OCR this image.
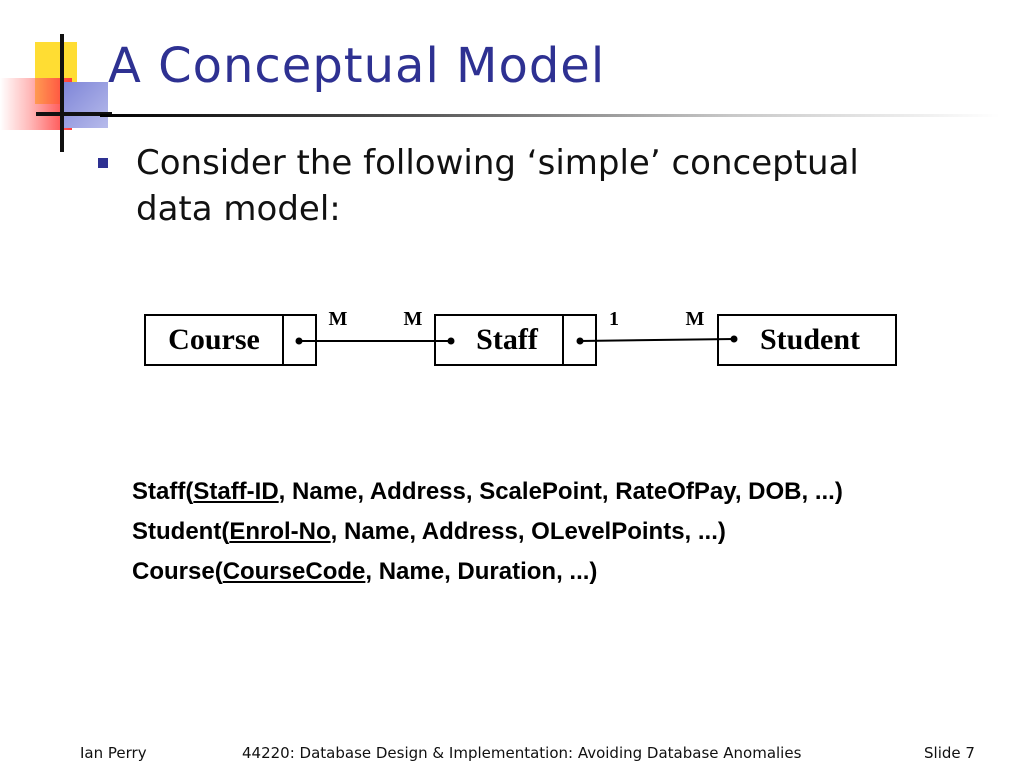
A Conceptual Model
Consider the following ‘simple’ conceptual data model:
Course	Staff	Student
M	M	1	M
Staff(Staff-ID, Name, Address, ScalePoint, RateOfPay, DOB, ...)
Student(Enrol-No, Name, Address, OLevelPoints, ...)
Course(CourseCode, Name, Duration, ...)
Ian Perry	44220: Database Design & Implementation: Avoiding Database Anomalies	Slide 7
